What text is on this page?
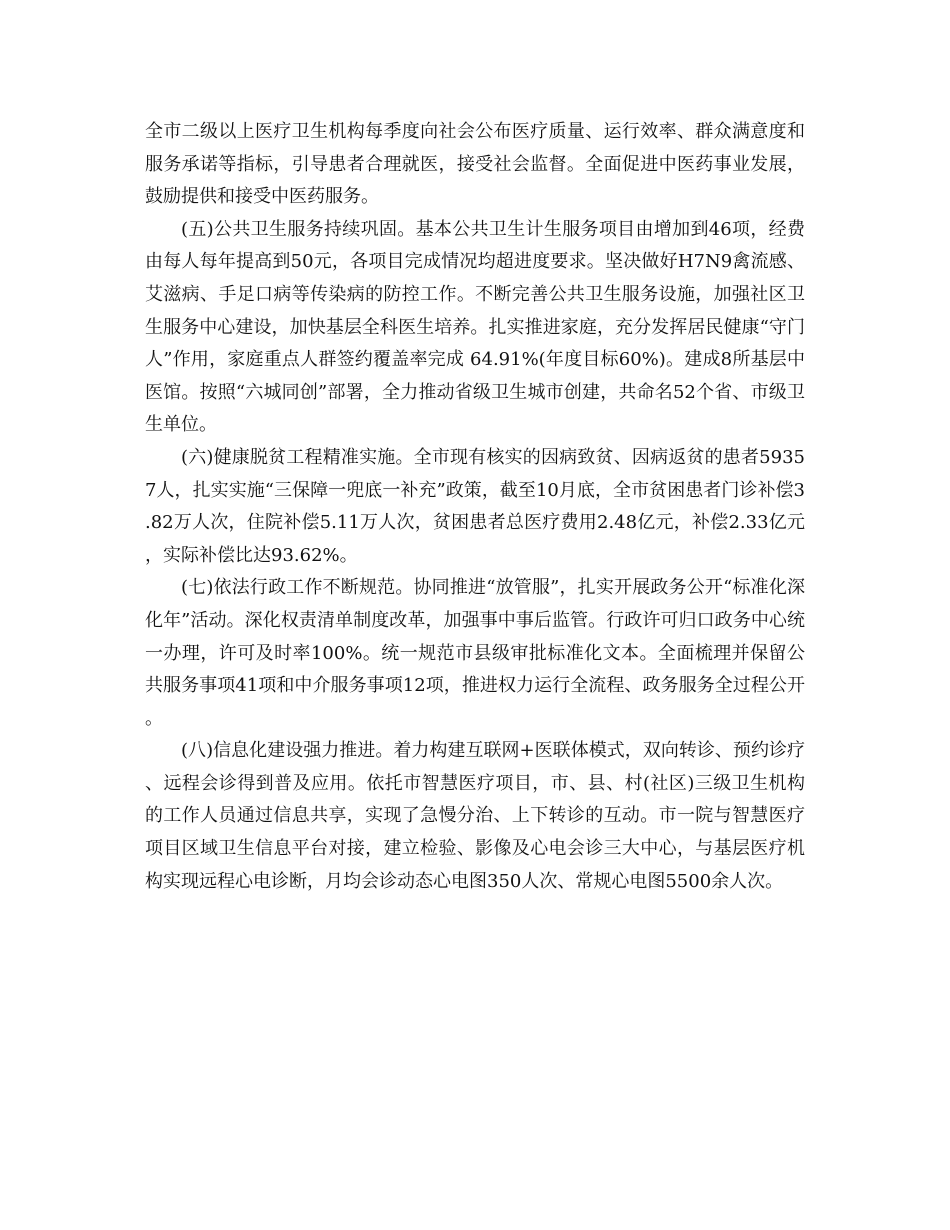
全市二级以上医疗卫生机构每季度向社会公布医疗质量、运行效率、群众满意度和服务承诺等指标，引导患者合理就医，接受社会监督。全面促进中医药事业发展，鼓励提供和接受中医药服务。

(五)公共卫生服务持续巩固。基本公共卫生计生服务项目由增加到46项，经费由每人每年提高到50元，各项目完成情况均超进度要求。坚决做好H7N9禽流感、艾滋病、手足口病等传染病的防控工作。不断完善公共卫生服务设施，加强社区卫生服务中心建设，加快基层全科医生培养。扎实推进家庭，充分发挥居民健康“守门人”作用，家庭重点人群签约覆盖率完成 64.91%(年度目标60%)。建成8所基层中医馆。按照“六城同创”部署，全力推动省级卫生城市创建，共命名52个省、市级卫生单位。

(六)健康脱贫工程精准实施。全市现有核实的因病致贫、因病返贫的患者59357人，扎实实施“三保障一兜底一补充”政策，截至10月底，全市贫困患者门诊补偿3.82万人次，住院补偿5.11万人次，贫困患者总医疗费用2.48亿元，补偿2.33亿元，实际补偿比达93.62%。

(七)依法行政工作不断规范。协同推进“放管服”，扎实开展政务公开“标准化深化年”活动。深化权责清单制度改革，加强事中事后监管。行政许可归口政务中心统一办理，许可及时率100%。统一规范市县级审批标准化文本。全面梳理并保留公共服务事项41项和中介服务事项12项，推进权力运行全流程、政务服务全过程公开。

(八)信息化建设强力推进。着力构建互联网+医联体模式，双向转诊、预约诊疗、远程会诊得到普及应用。依托市智慧医疗项目，市、县、村(社区)三级卫生机构的工作人员通过信息共享，实现了急慢分治、上下转诊的互动。市一院与智慧医疗项目区域卫生信息平台对接，建立检验、影像及心电会诊三大中心，与基层医疗机构实现远程心电诊断，月均会诊动态心电图350人次、常规心电图5500余人次。
